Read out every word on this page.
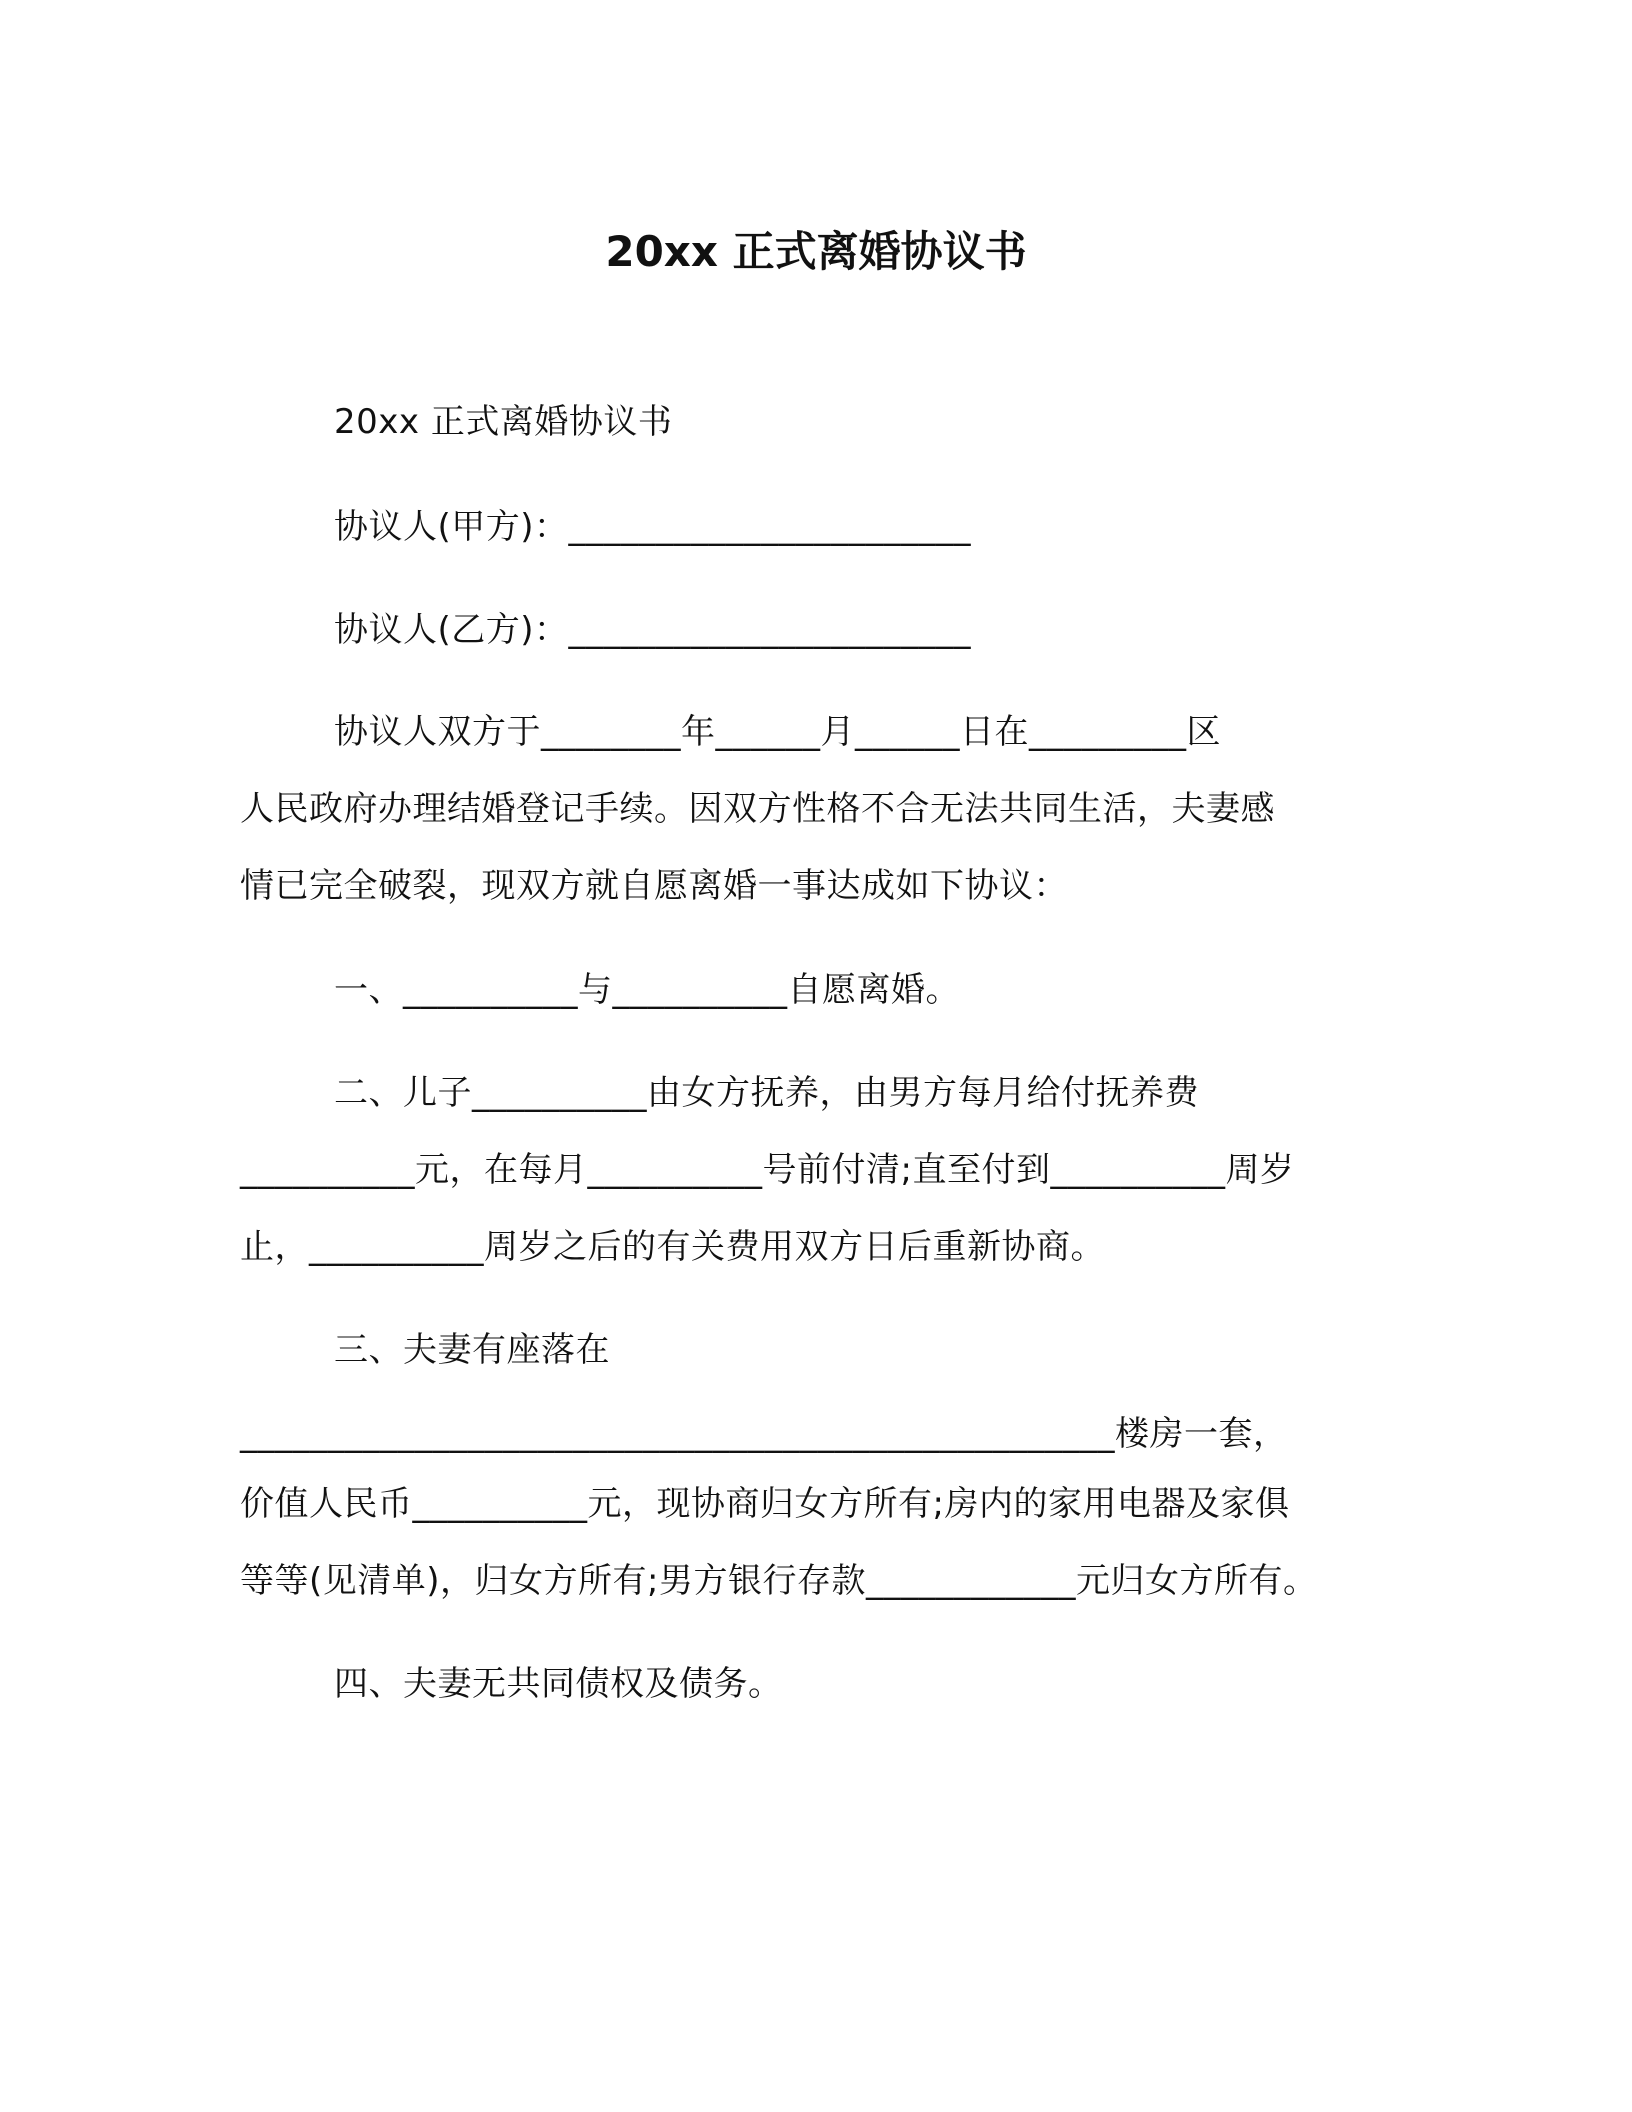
20xx 正式离婚协议书
20xx 正式离婚协议书
协议人(甲方)：_______________________
协议人(乙方)：_______________________
协议人双方于________年______月______日在_________区
人民政府办理结婚登记手续。因双方性格不合无法共同生活，夫妻感
情已完全破裂，现双方就自愿离婚一事达成如下协议：
一、__________与__________自愿离婚。
二、儿子__________由女方抚养，由男方每月给付抚养费
__________元，在每月__________号前付清;直至付到__________周岁
止，__________周岁之后的有关费用双方日后重新协商。
三、夫妻有座落在
__________________________________________________楼房一套，
价值人民币__________元，现协商归女方所有;房内的家用电器及家俱
等等(见清单)，归女方所有;男方银行存款____________元归女方所有。
四、夫妻无共同债权及债务。
